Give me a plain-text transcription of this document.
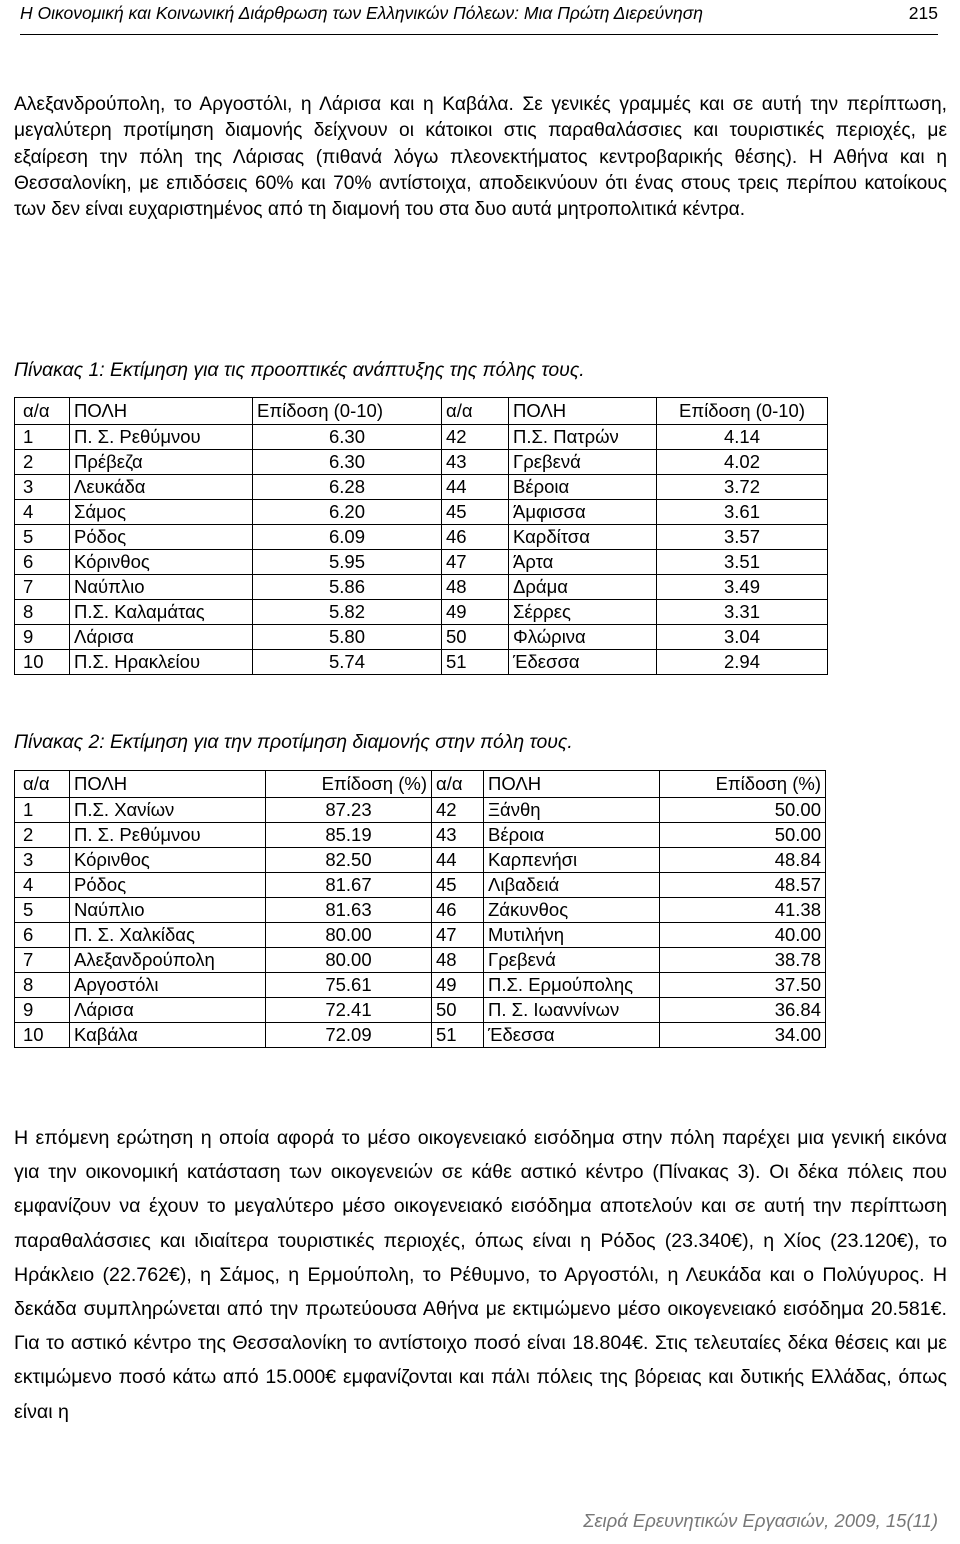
Η Οικονομική και Κοινωνική Διάρθρωση των Ελληνικών Πόλεων: Μια Πρώτη Διερεύνηση	215
Αλεξανδρούπολη, το Αργοστόλι, η Λάρισα και η Καβάλα. Σε γενικές γραμμές και σε αυτή την περίπτωση, μεγαλύτερη προτίμηση διαμονής δείχνουν οι κάτοικοι στις παραθαλάσσιες και τουριστικές περιοχές, με εξαίρεση την πόλη της Λάρισας (πιθανά λόγω πλεονεκτήματος κεντροβαρικής θέσης). Η Αθήνα και η Θεσσαλονίκη, με επιδόσεις 60% και 70% αντίστοιχα, αποδεικνύουν ότι ένας στους τρεις περίπου κατοίκους των δεν είναι ευχαριστημένος από τη διαμονή του στα δυο αυτά μητροπολιτικά κέντρα.
Πίνακας 1: Εκτίμηση για τις προοπτικές ανάπτυξης της πόλης τους.
α/α	ΠΟΛΗ	Επίδοση (0-10)	α/α	ΠΟΛΗ	Επίδοση (0-10)
1	Π. Σ. Ρεθύμνου	6.30	42	Π.Σ. Πατρών	4.14
2	Πρέβεζα	6.30	43	Γρεβενά	4.02
3	Λευκάδα	6.28	44	Βέροια	3.72
4	Σάμος	6.20	45	Άμφισσα	3.61
5	Ρόδος	6.09	46	Καρδίτσα	3.57
6	Κόρινθος	5.95	47	Άρτα	3.51
7	Ναύπλιο	5.86	48	Δράμα	3.49
8	Π.Σ. Καλαμάτας	5.82	49	Σέρρες	3.31
9	Λάρισα	5.80	50	Φλώρινα	3.04
10	Π.Σ. Ηρακλείου	5.74	51	Έδεσσα	2.94
Πίνακας 2: Εκτίμηση για την προτίμηση διαμονής στην πόλη τους.
α/α	ΠΟΛΗ	Επίδοση (%)	α/α	ΠΟΛΗ	Επίδοση (%)
1	Π.Σ. Χανίων	87.23	42	Ξάνθη	50.00
2	Π. Σ. Ρεθύμνου	85.19	43	Βέροια	50.00
3	Κόρινθος	82.50	44	Καρπενήσι	48.84
4	Ρόδος	81.67	45	Λιβαδειά	48.57
5	Ναύπλιο	81.63	46	Ζάκυνθος	41.38
6	Π. Σ. Χαλκίδας	80.00	47	Μυτιλήνη	40.00
7	Αλεξανδρούπολη	80.00	48	Γρεβενά	38.78
8	Αργοστόλι	75.61	49	Π.Σ. Ερμούπολης	37.50
9	Λάρισα	72.41	50	Π. Σ. Ιωαννίνων	36.84
10	Καβάλα	72.09	51	Έδεσσα	34.00
Η επόμενη ερώτηση η οποία αφορά το μέσο οικογενειακό εισόδημα στην πόλη παρέχει μια γενική εικόνα για την οικονομική κατάσταση των οικογενειών σε κάθε αστικό κέντρο (Πίνακας 3). Οι δέκα πόλεις που εμφανίζουν να έχουν το μεγαλύτερο μέσο οικογενειακό εισόδημα αποτελούν και σε αυτή την περίπτωση παραθαλάσσιες και ιδιαίτερα τουριστικές περιοχές, όπως είναι η Ρόδος (23.340€), η Χίος (23.120€), το Ηράκλειο (22.762€), η Σάμος, η Ερμούπολη, το Ρέθυμνο, το Αργοστόλι, η Λευκάδα και ο Πολύγυρος. Η δεκάδα συμπληρώνεται από την πρωτεύουσα Αθήνα με εκτιμώμενο μέσο οικογενειακό εισόδημα 20.581€. Για το αστικό κέντρο της Θεσσαλονίκη το αντίστοιχο ποσό είναι 18.804€. Στις τελευταίες δέκα θέσεις και με εκτιμώμενο ποσό κάτω από 15.000€ εμφανίζονται και πάλι πόλεις της βόρειας και δυτικής Ελλάδας, όπως είναι η
Σειρά Ερευνητικών Εργασιών, 2009, 15(11)
